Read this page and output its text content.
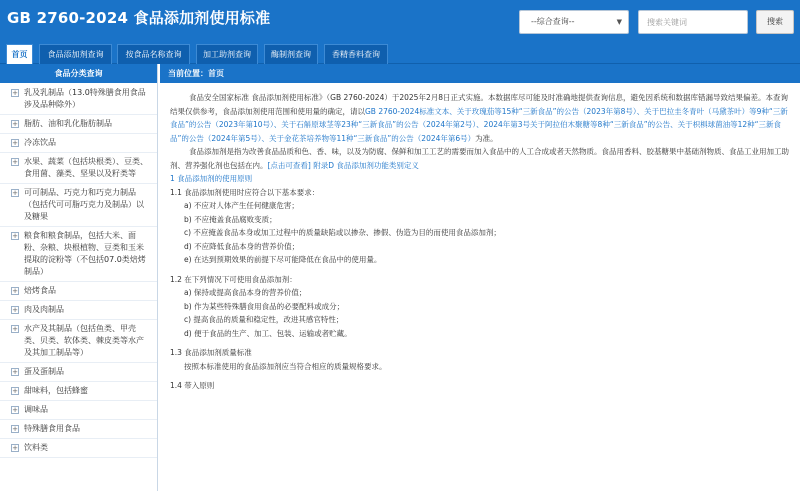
GB 2760-2024 食品添加剂使用标准	--综合查询--	▼
搜索关键词	搜索
首页	食品添加剂查询	按食品名称查询	加工助剂查询	酶制剂查询	香精香料查询
食品分类查询
+ 乳及乳制品（13.0特殊膳食用食品涉及品种除外）
+ 脂肪、油和乳化脂肪制品
+ 冷冻饮品
+ 水果、蔬菜（包括块根类）、豆类、食用菌、藻类、坚果以及籽类等
+ 可可制品、巧克力和巧克力制品（包括代可可脂巧克力及制品）以及糖果
+ 粮食和粮食制品，包括大米、面粉、杂粮、块根植物、豆类和玉米提取的淀粉等（不包括07.0类焙烤制品）
+ 焙烤食品
+ 肉及肉制品
+ 水产及其制品（包括鱼类、甲壳类、贝类、软体类、棘皮类等水产及其加工制品等）
+ 蛋及蛋制品
+ 甜味料，包括蜂蜜
+ 调味品
+ 特殊膳食用食品
+ 饮料类
当前位置：首页

食品安全国家标准 食品添加剂使用标准》（GB 2760-2024）于2025年2月8日正式实施。本数据库尽可能及时准确地提供查询信息，避免因系统和数据库错漏导致结果偏差。本查询结果仅供参考，食品添加剂使用范围和使用量的确定，请以GB 2760-2024标准文本、关于玫瑰茄等15种“三新食品”的公告（2023年第8号）、关于巴拉圭冬青叶（马黛茶叶）等9种“三新食品”的公告（2023年第10号）、关于石斛原球茎等23种“三新食品”的公告（2024年第2号）、2024年第3号关于阿拉伯木聚糖等8种“三新食品”的公告、关于枳椇球菌油等12种“三新食品”的公告（2024年第5号）、关于金花茶培养物等11种“三新食品”的公告（2024年第6号）为准。

食品添加剂是指为改善食品品质和色、香、味，以及为防腐、保鲜和加工工艺的需要而加入食品中的人工合成或者天然物质。食品用香料、胶基糖果中基础剂物质、食品工业用加工助剂、营养强化剂也包括在内。[点击可查看] 附录D 食品添加剂功能类别定义

1 食品添加剂的使用原则

1.1 食品添加剂使用时应符合以下基本要求：

a) 不应对人体产生任何健康危害；

b) 不应掩盖食品腐败变质；

c) 不应掩盖食品本身或加工过程中的质量缺陷或以掺杂、掺假、伪造为目的而使用食品添加剂；

d) 不应降低食品本身的营养价值；

e) 在达到预期效果的前提下尽可能降低在食品中的使用量。

1.2 在下列情况下可使用食品添加剂：

a) 保持或提高食品本身的营养价值；

b) 作为某些特殊膳食用食品的必要配料或成分；

c) 提高食品的质量和稳定性，改进其感官特性；

d) 便于食品的生产、加工、包装、运输或者贮藏。

1.3 食品添加剂质量标准

按照本标准使用的食品添加剂应当符合相应的质量规格要求。

1.4 带入原则
